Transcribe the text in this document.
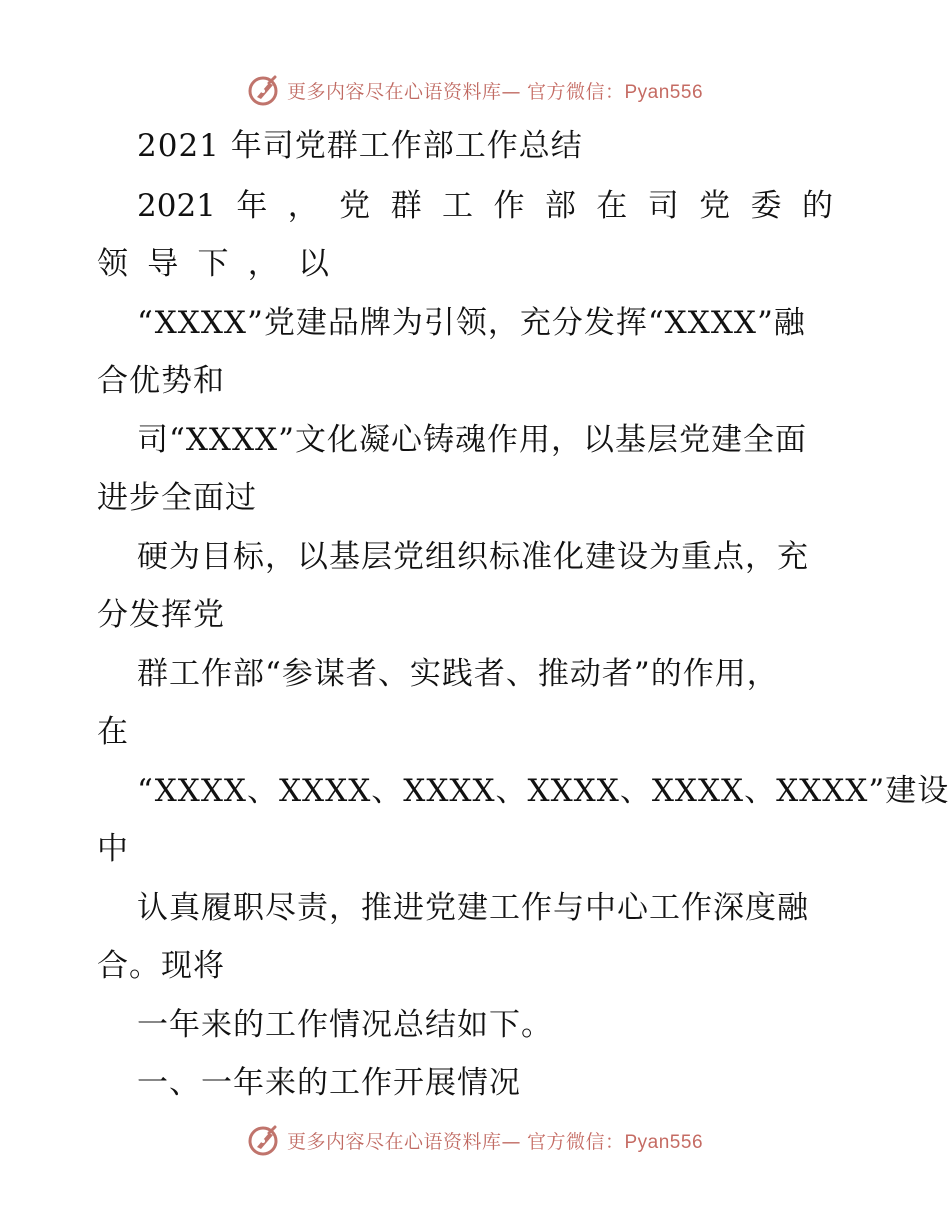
更多内容尽在心语资料库— 官方微信：Pyan556
2021 年司党群工作部工作总结
2021 年 ， 党 群 工 作 部 在 司 党 委 的
领 导 下 ， 以
“XXXX”党建品牌为引领，充分发挥“XXXX”融
合优势和
司“XXXX”文化凝心铸魂作用，以基层党建全面
进步全面过
硬为目标，以基层党组织标准化建设为重点，充
分发挥党
群工作部“参谋者、实践者、推动者”的作用，
在
“XXXX、XXXX、XXXX、XXXX、XXXX、XXXX”建设
中
认真履职尽责，推进党建工作与中心工作深度融
合。现将
一年来的工作情况总结如下。
一、一年来的工作开展情况
更多内容尽在心语资料库— 官方微信：Pyan556
